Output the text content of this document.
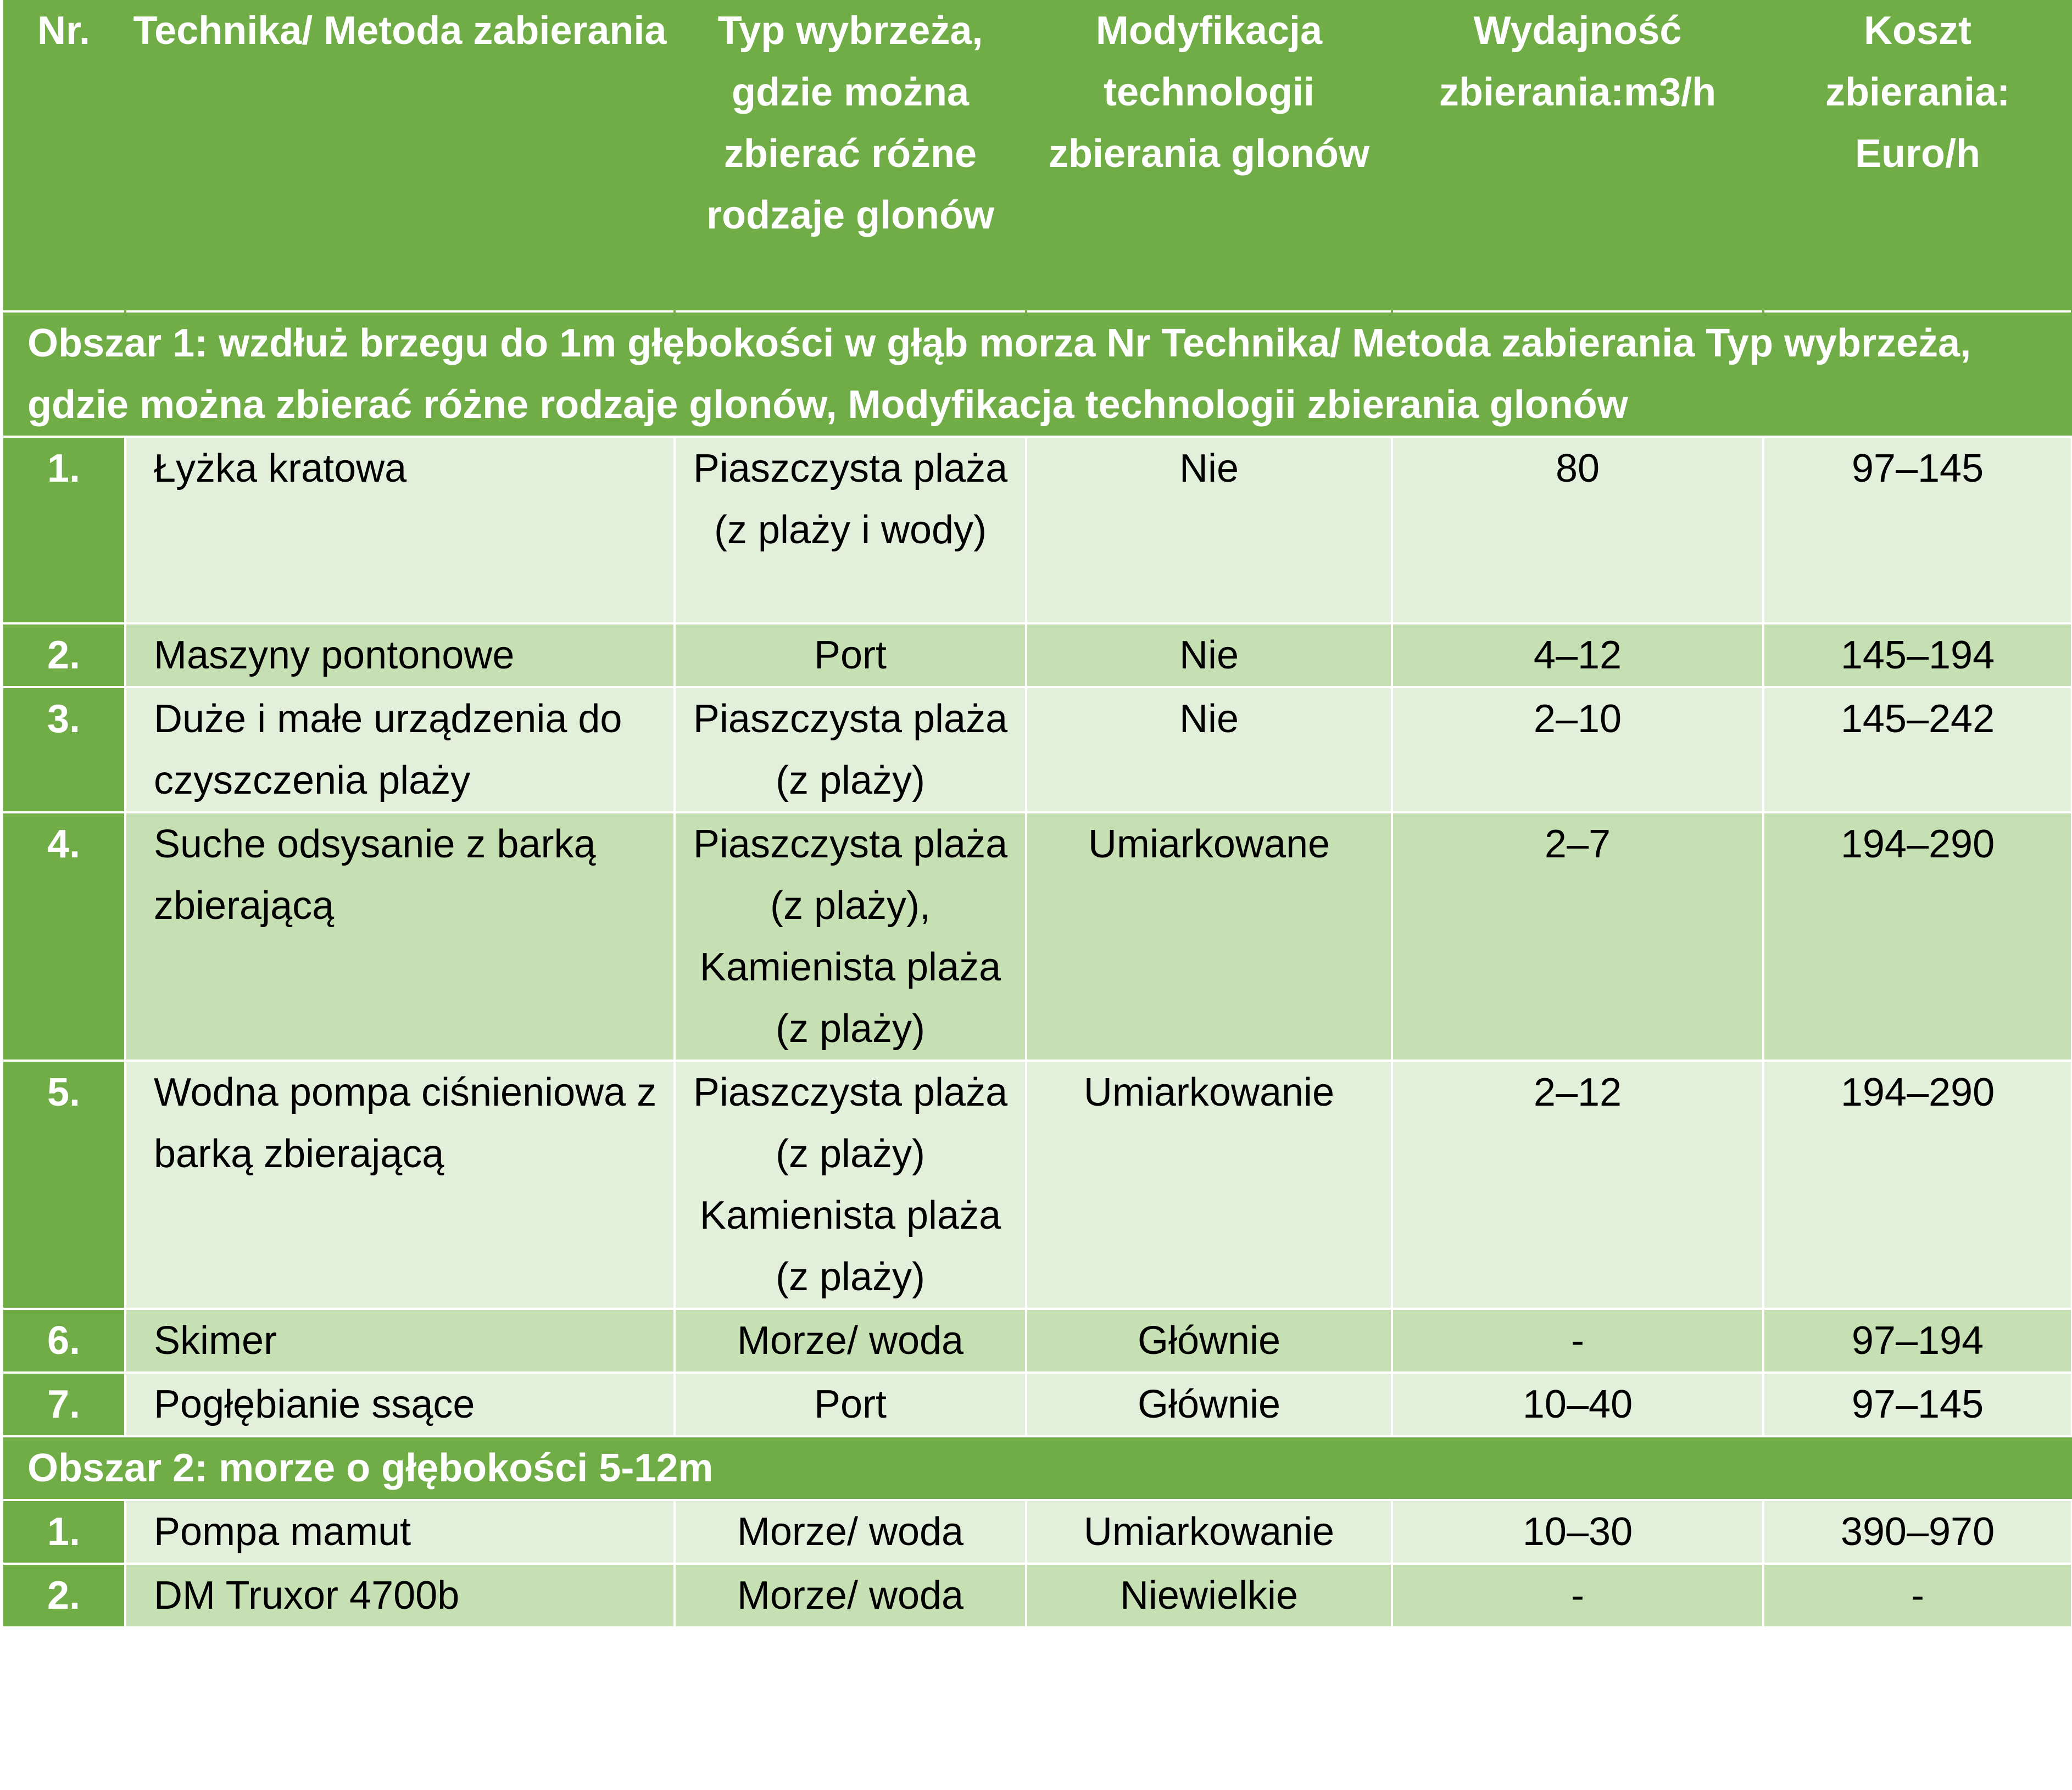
Nr.	Technika/ Metoda zabierania	Typ wybrzeża, gdzie można zbierać różne rodzaje glonów	Modyfikacja technologii zbierania glonów	Wydajność zbierania:m3/h	Koszt zbierania: Euro/h
Obszar 1: wzdłuż brzegu do 1m głębokości w głąb morza Nr Technika/ Metoda zabierania Typ wybrzeża, gdzie można zbierać różne rodzaje glonów, Modyfikacja technologii zbierania glonów					
1.	Łyżka kratowa	Piaszczysta plaża (z plaży i wody)	Nie	80	97–145
2.	Maszyny pontonowe	Port	Nie	4–12	145–194
3.	Duże i małe urządzenia do czyszczenia plaży	Piaszczysta plaża (z plaży)	Nie	2–10	145–242
4.	Suche odsysanie z barką zbierającą	Piaszczysta plaża (z plaży), Kamienista plaża (z plaży)	Umiarkowane	2–7	194–290
5.	Wodna pompa ciśnieniowa z barką zbierającą	Piaszczysta plaża (z plaży) Kamienista plaża (z plaży)	Umiarkowanie	2–12	194–290
6.	Skimer	Morze/ woda	Głównie	-	97–194
7.	Pogłębianie ssące	Port	Głównie	10–40	97–145
Obszar 2: morze o głębokości 5-12m					
1.	Pompa mamut	Morze/ woda	Umiarkowanie	10–30	390–970
2.	DM Truxor 4700b	Morze/ woda	Niewielkie	-	-
